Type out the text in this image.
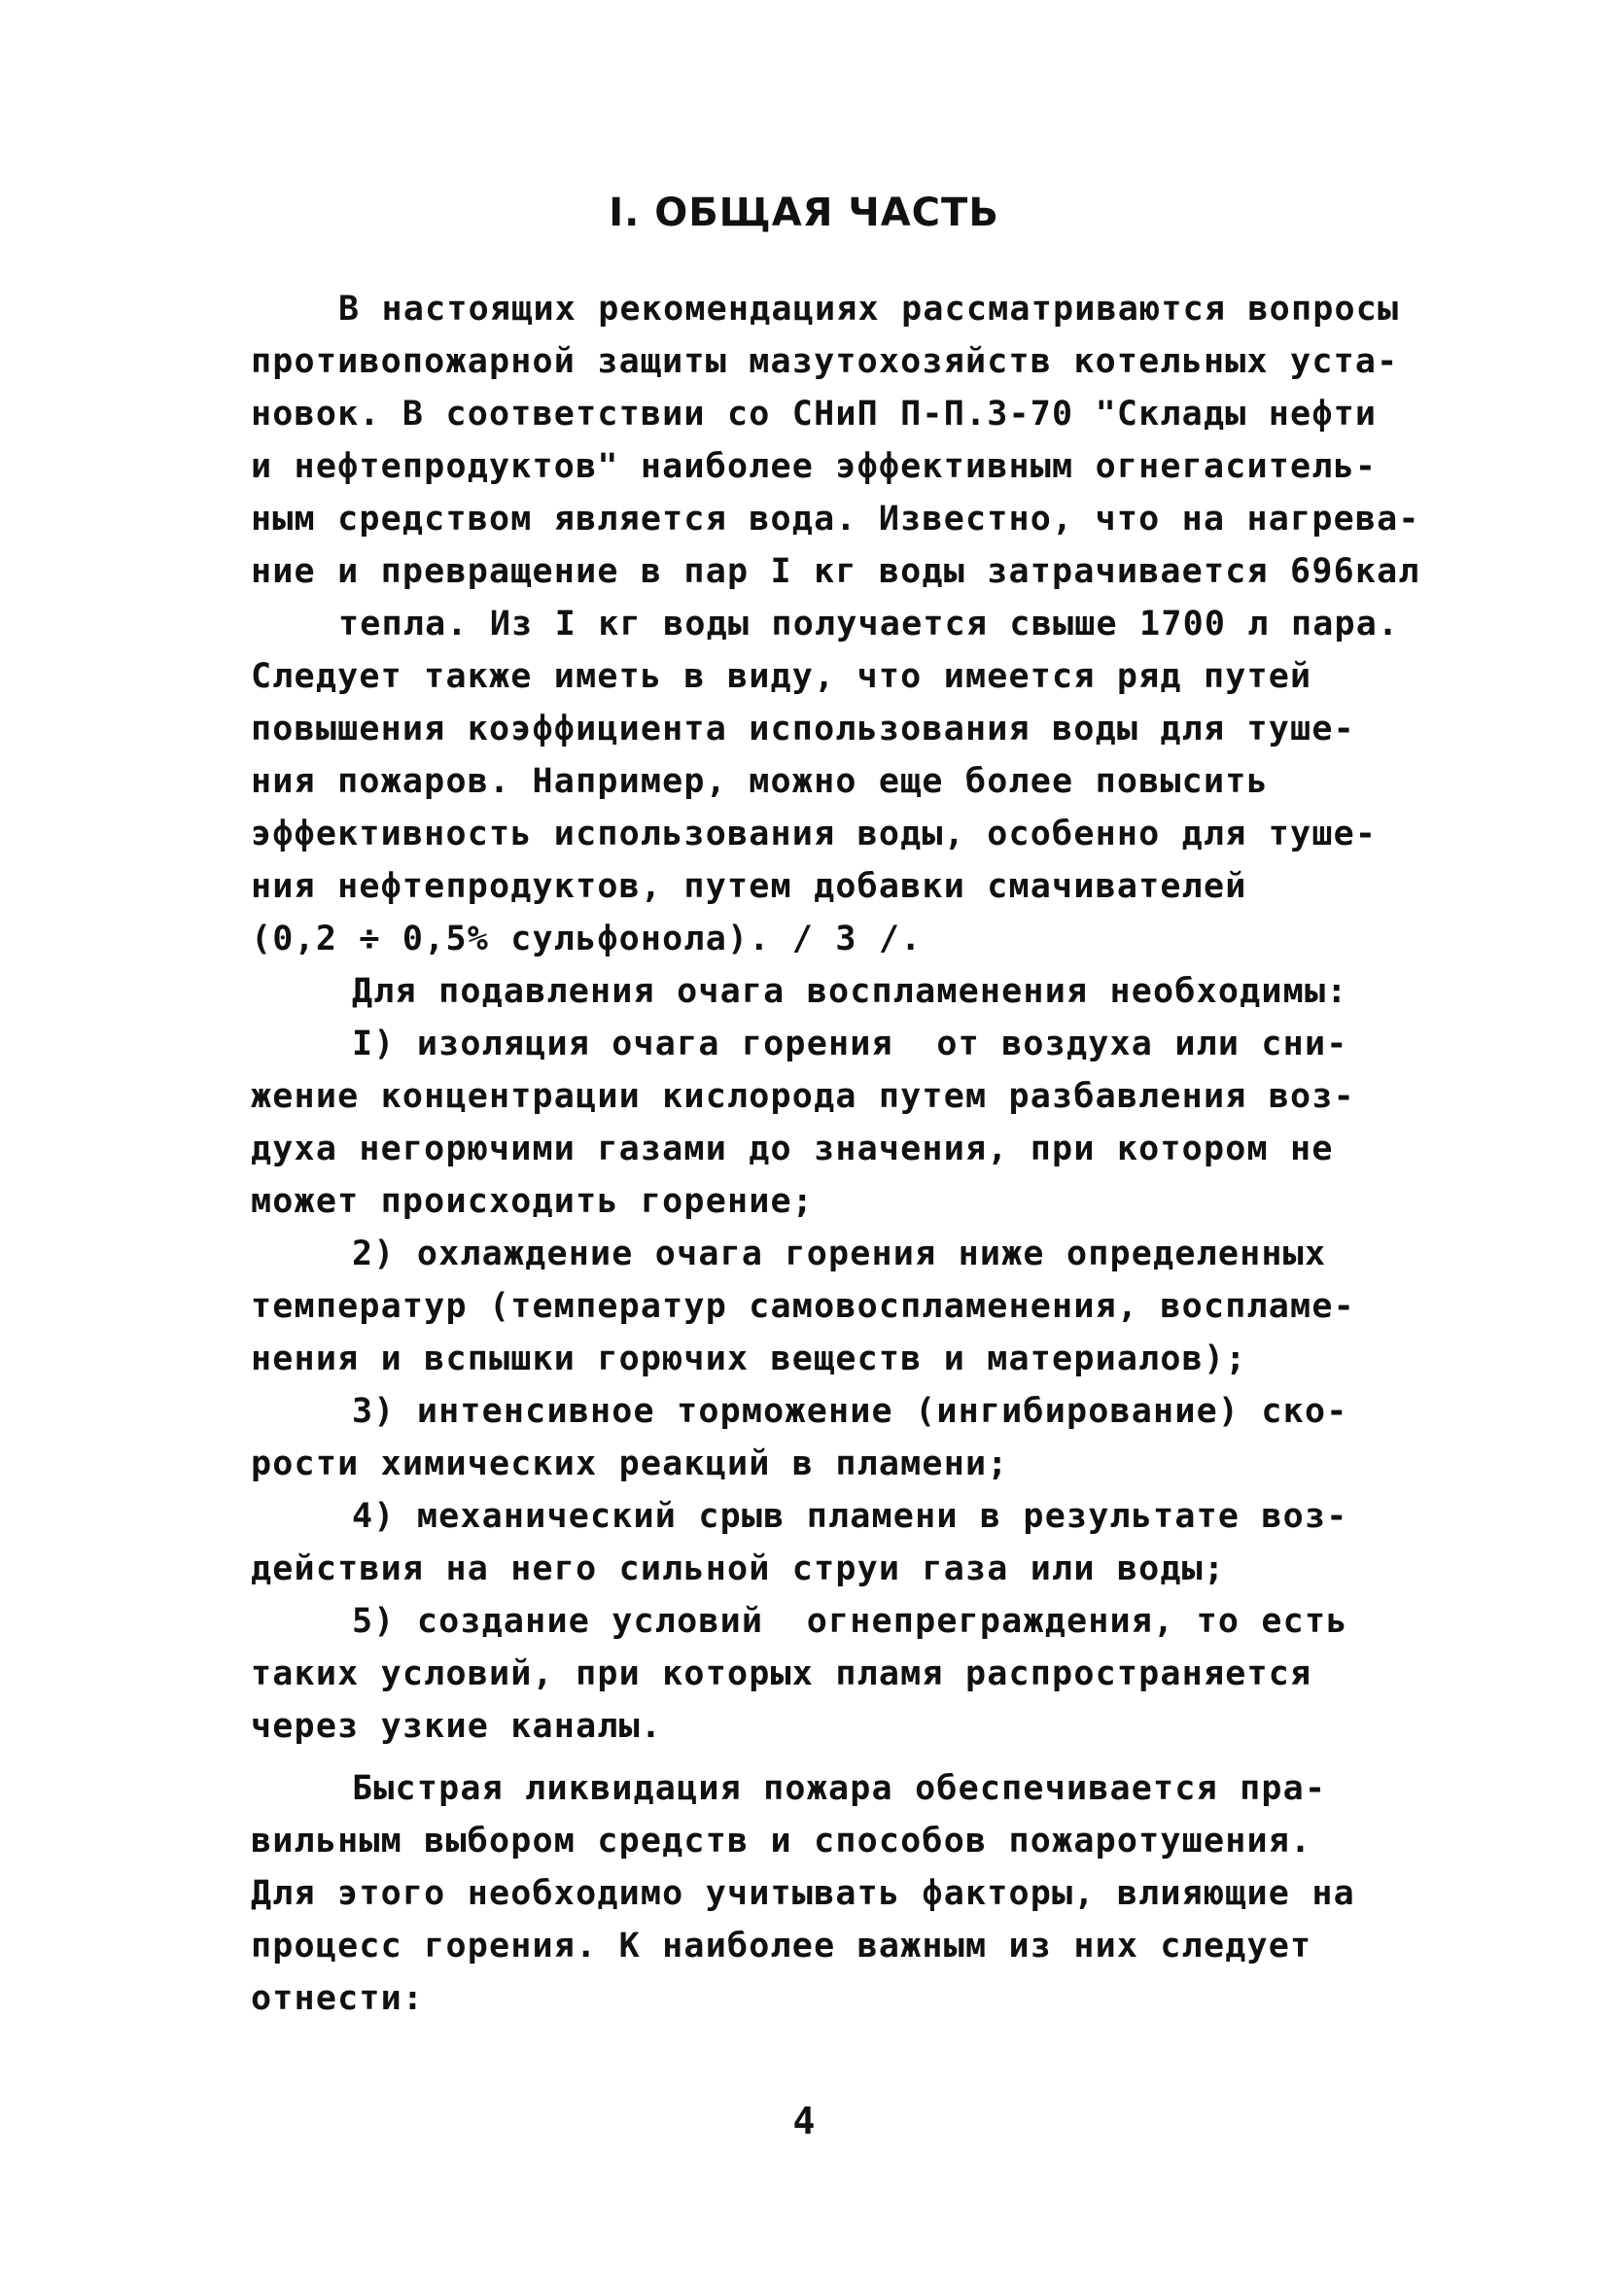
I. ОБЩАЯ ЧАСТЬ

В настоящих рекомендациях рассматриваются вопросы

противопожарной защиты мазутохозяйств котельных уста-

новок. В соответствии со СНиП П-П.3-70 "Склады нефти

и нефтепродуктов" наиболее эффективным огнегаситель-

ным средством является вода. Известно, что на нагрева-

ние и превращение в пар I кг воды затрачивается 696кал

тепла. Из I кг воды получается свыше 1700 л пара.

Следует также иметь в виду, что имеется ряд путей

повышения коэффициента использования воды для туше-

ния пожаров. Например, можно еще более повысить

эффективность использования воды, особенно для туше-

ния нефтепродуктов, путем добавки смачивателей

(0,2 ÷ 0,5% сульфонола). / 3 /.

Для подавления очага воспламенения необходимы:

I) изоляция очага горения  от воздуха или сни-

жение концентрации кислорода путем разбавления воз-

духа негорючими газами до значения, при котором не

может происходить горение;

2) охлаждение очага горения ниже определенных

температур (температур самовоспламенения, воспламе-

нения и вспышки горючих веществ и материалов);

3) интенсивное торможение (ингибирование) ско-

рости химических реакций в пламени;

4) механический срыв пламени в результате воз-

действия на него сильной струи газа или воды;

5) создание условий  огнепреграждения, то есть

таких условий, при которых пламя распространяется

через узкие каналы.

Быстрая ликвидация пожара обеспечивается пра-

вильным выбором средств и способов пожаротушения.

Для этого необходимо учитывать факторы, влияющие на

процесс горения. К наиболее важным из них следует

отнести:

4
